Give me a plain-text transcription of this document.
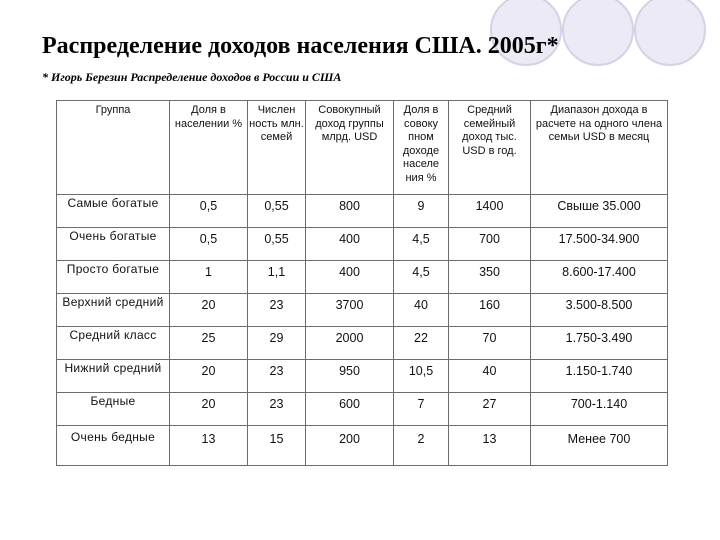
Распределение доходов населения США. 2005г*
* Игорь Березин Распределение доходов в России и США
Группа	Доля в населении %	Числен ность млн. семей	Совокупный доход группы млрд. USD	Доля в совоку пном доходе населе ния %	Средний семейный доход тыс. USD в год.	Диапазон дохода в расчете на одного члена семьи USD в месяц
Самые богатые	0,5	0,55	800	9	1400	Свыше 35.000
Очень богатые	0,5	0,55	400	4,5	700	17.500-34.900
Просто богатые	1	1,1	400	4,5	350	8.600-17.400
Верхний средний	20	23	3700	40	160	3.500-8.500
Средний класс	25	29	2000	22	70	1.750-3.490
Нижний средний	20	23	950	10,5	40	1.150-1.740
Бедные	20	23	600	7	27	700-1.140
Очень бедные	13	15	200	2	13	Менее 700
